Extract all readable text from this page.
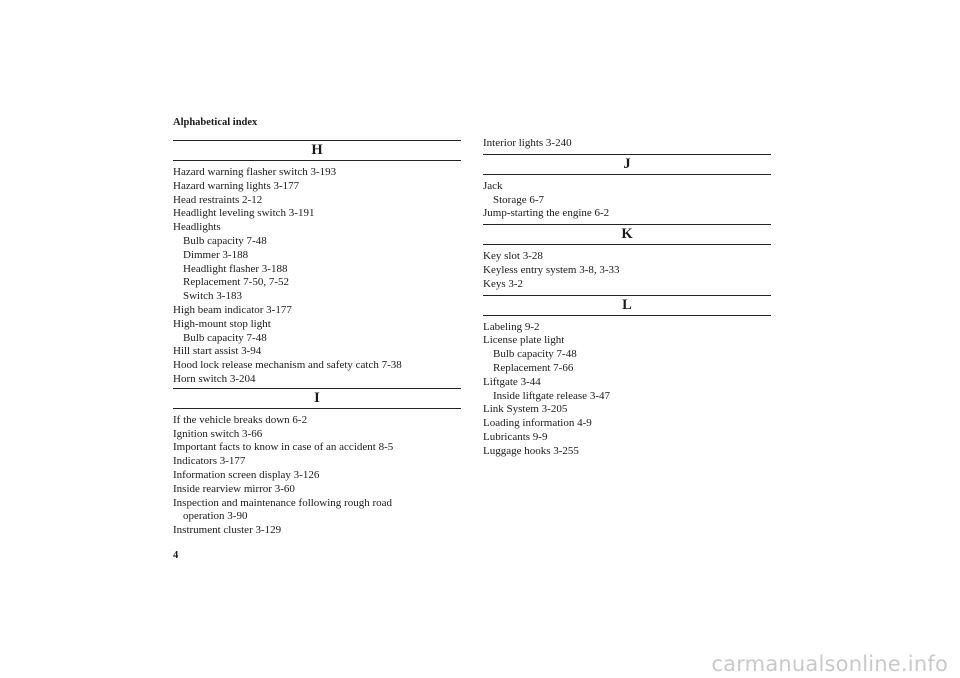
Alphabetical index
H
Hazard warning flasher switch 3-193
Hazard warning lights 3-177
Head restraints 2-12
Headlight leveling switch 3-191
Headlights
Bulb capacity 7-48
Dimmer 3-188
Headlight flasher 3-188
Replacement 7-50, 7-52
Switch 3-183
High beam indicator 3-177
High-mount stop light
Bulb capacity 7-48
Hill start assist 3-94
Hood lock release mechanism and safety catch 7-38
Horn switch 3-204
I
If the vehicle breaks down 6-2
Ignition switch 3-66
Important facts to know in case of an accident 8-5
Indicators 3-177
Information screen display 3-126
Inside rearview mirror 3-60
Inspection and maintenance following rough road
operation 3-90
Instrument cluster 3-129
Interior lights 3-240
J
Jack
Storage 6-7
Jump-starting the engine 6-2
K
Key slot 3-28
Keyless entry system 3-8, 3-33
Keys 3-2
L
Labeling 9-2
License plate light
Bulb capacity 7-48
Replacement 7-66
Liftgate 3-44
Inside liftgate release 3-47
Link System 3-205
Loading information 4-9
Lubricants 9-9
Luggage hooks 3-255
4
carmanualsonline.info
